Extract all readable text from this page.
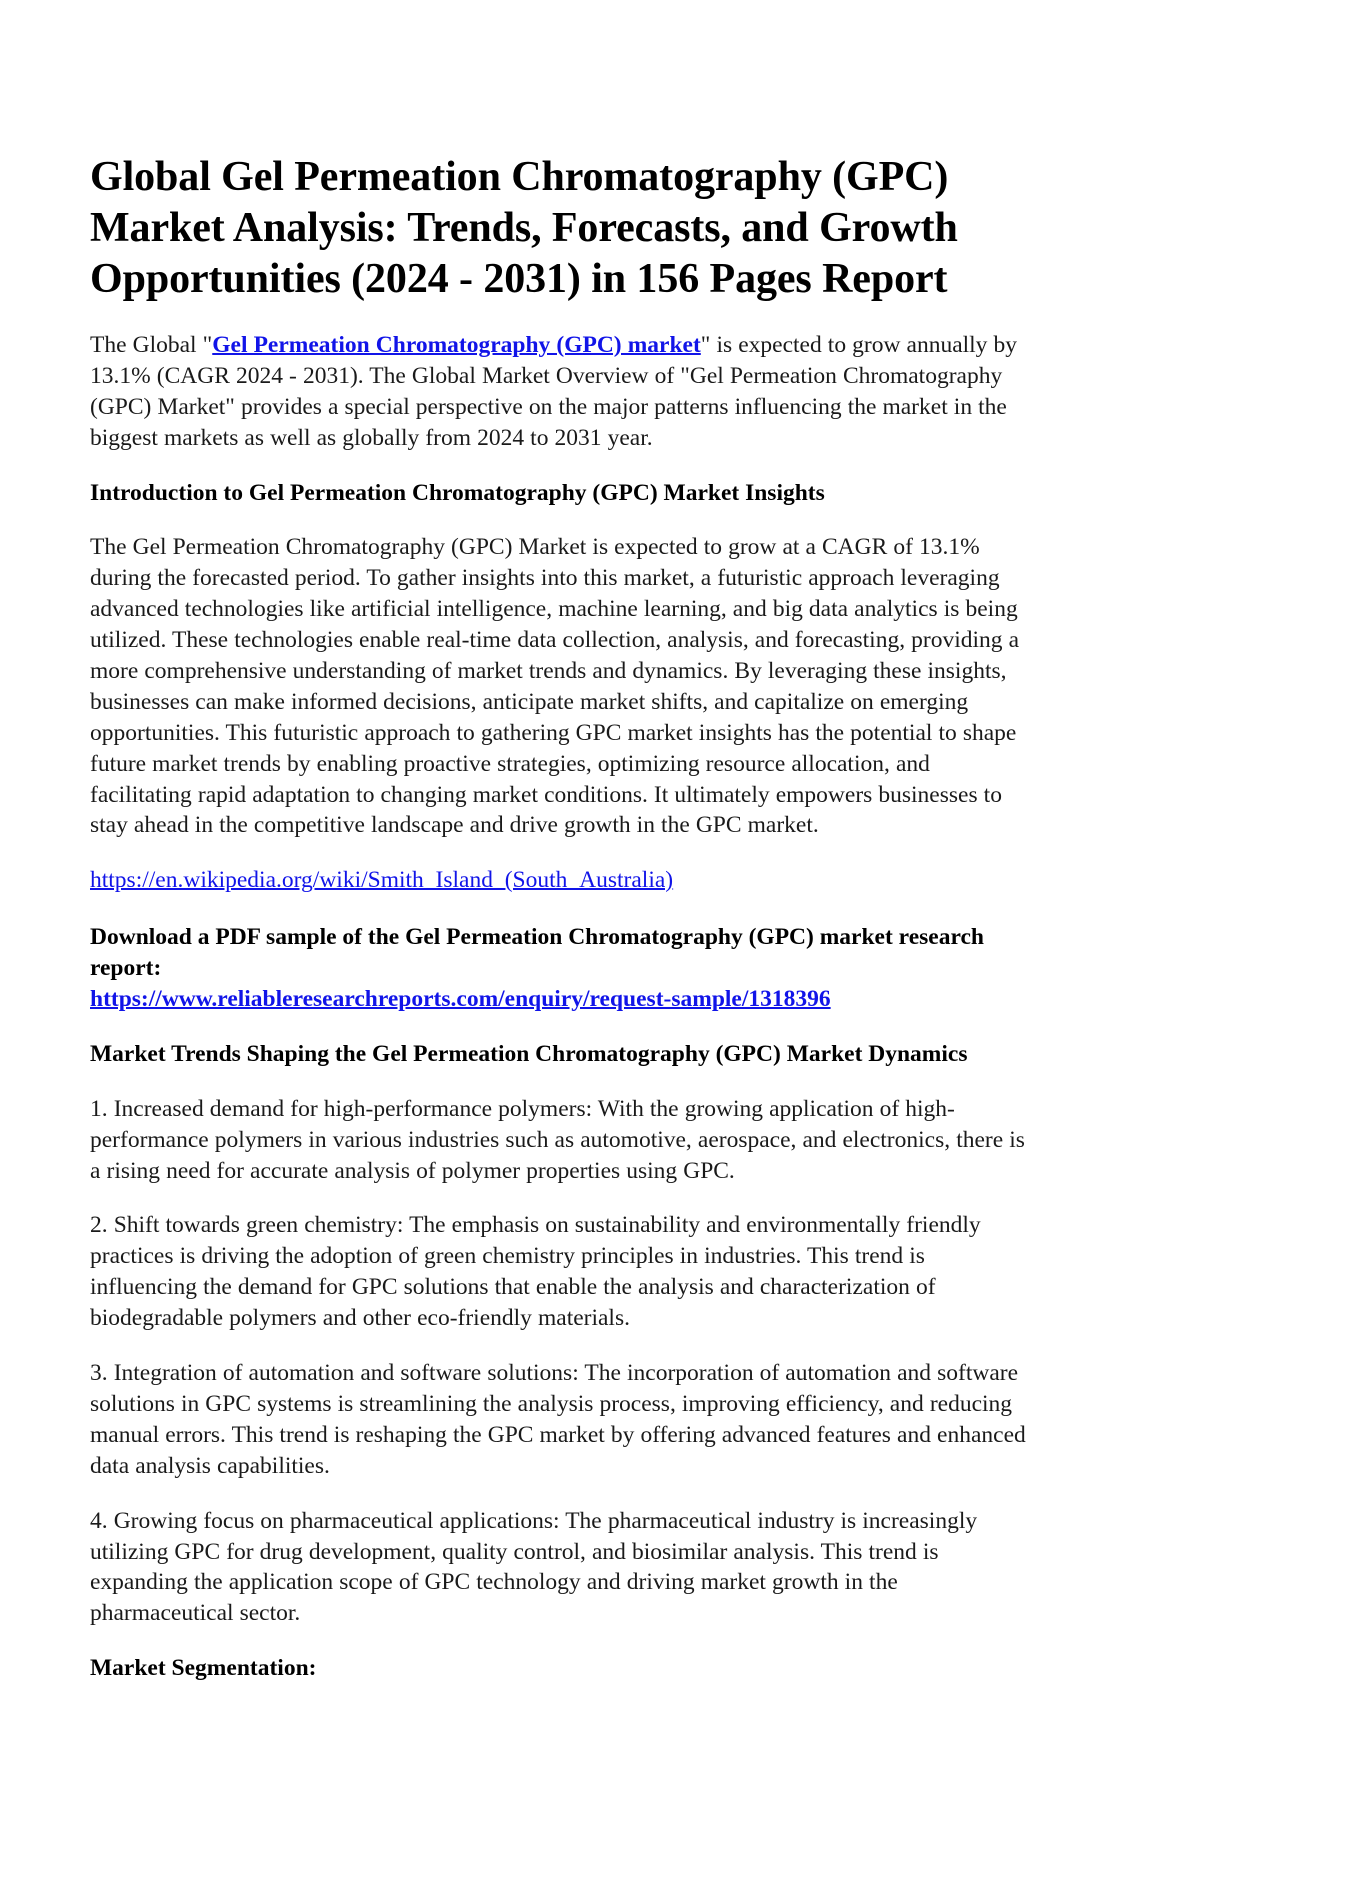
Global Gel Permeation Chromatography (GPC) Market Analysis: Trends, Forecasts, and Growth Opportunities (2024 - 2031) in 156 Pages Report

The Global "Gel Permeation Chromatography (GPC) market" is expected to grow annually by 13.1% (CAGR 2024 - 2031). The Global Market Overview of "Gel Permeation Chromatography (GPC) Market" provides a special perspective on the major patterns influencing the market in the biggest markets as well as globally from 2024 to 2031 year.

Introduction to Gel Permeation Chromatography (GPC) Market Insights

The Gel Permeation Chromatography (GPC) Market is expected to grow at a CAGR of 13.1% during the forecasted period. To gather insights into this market, a futuristic approach leveraging advanced technologies like artificial intelligence, machine learning, and big data analytics is being utilized. These technologies enable real-time data collection, analysis, and forecasting, providing a more comprehensive understanding of market trends and dynamics. By leveraging these insights, businesses can make informed decisions, anticipate market shifts, and capitalize on emerging opportunities. This futuristic approach to gathering GPC market insights has the potential to shape future market trends by enabling proactive strategies, optimizing resource allocation, and facilitating rapid adaptation to changing market conditions. It ultimately empowers businesses to stay ahead in the competitive landscape and drive growth in the GPC market.

https://en.wikipedia.org/wiki/Smith_Island_(South_Australia)

Download a PDF sample of the Gel Permeation Chromatography (GPC) market research report:
https://www.reliableresearchreports.com/enquiry/request-sample/1318396

Market Trends Shaping the Gel Permeation Chromatography (GPC) Market Dynamics

1. Increased demand for high-performance polymers: With the growing application of high-performance polymers in various industries such as automotive, aerospace, and electronics, there is a rising need for accurate analysis of polymer properties using GPC.

2. Shift towards green chemistry: The emphasis on sustainability and environmentally friendly practices is driving the adoption of green chemistry principles in industries. This trend is influencing the demand for GPC solutions that enable the analysis and characterization of biodegradable polymers and other eco-friendly materials.

3. Integration of automation and software solutions: The incorporation of automation and software solutions in GPC systems is streamlining the analysis process, improving efficiency, and reducing manual errors. This trend is reshaping the GPC market by offering advanced features and enhanced data analysis capabilities.

4. Growing focus on pharmaceutical applications: The pharmaceutical industry is increasingly utilizing GPC for drug development, quality control, and biosimilar analysis. This trend is expanding the application scope of GPC technology and driving market growth in the pharmaceutical sector.

Market Segmentation:
